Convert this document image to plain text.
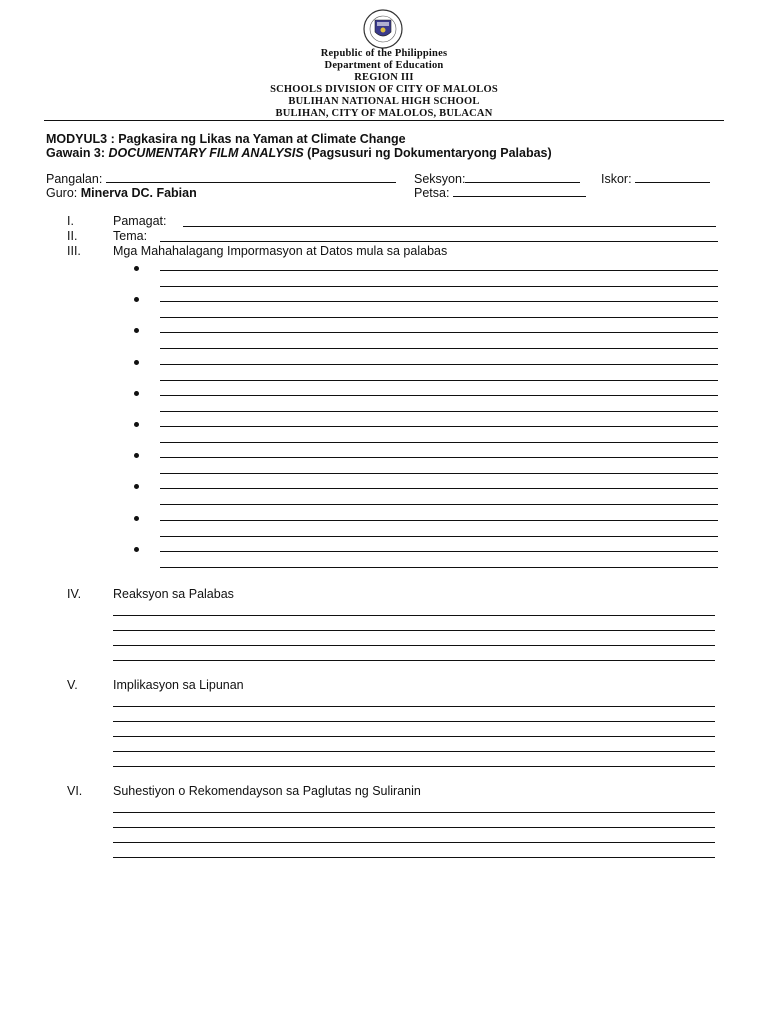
Republic of the Philippines
Department of Education
REGION III
SCHOOLS DIVISION OF CITY OF MALOLOS
BULIHAN NATIONAL HIGH SCHOOL
BULIHAN, CITY OF MALOLOS, BULACAN
MODYUL3 : Pagkasira ng Likas na Yaman at Climate Change
Gawain 3: DOCUMENTARY FILM ANALYSIS (Pagsusuri ng Dokumentaryong Palabas)
Pangalan:	Seksyon:	Iskor:
Guro: Minerva DC. Fabian	Petsa:
I.	Pamagat:
II.	Tema:
III.	Mga Mahahalagang Impormasyon at Datos mula sa palabas
IV.	Reaksyon sa Palabas
V.	Implikasyon sa Lipunan
VI. Suhestiyon o Rekomendayson sa Paglutas ng Suliranin
